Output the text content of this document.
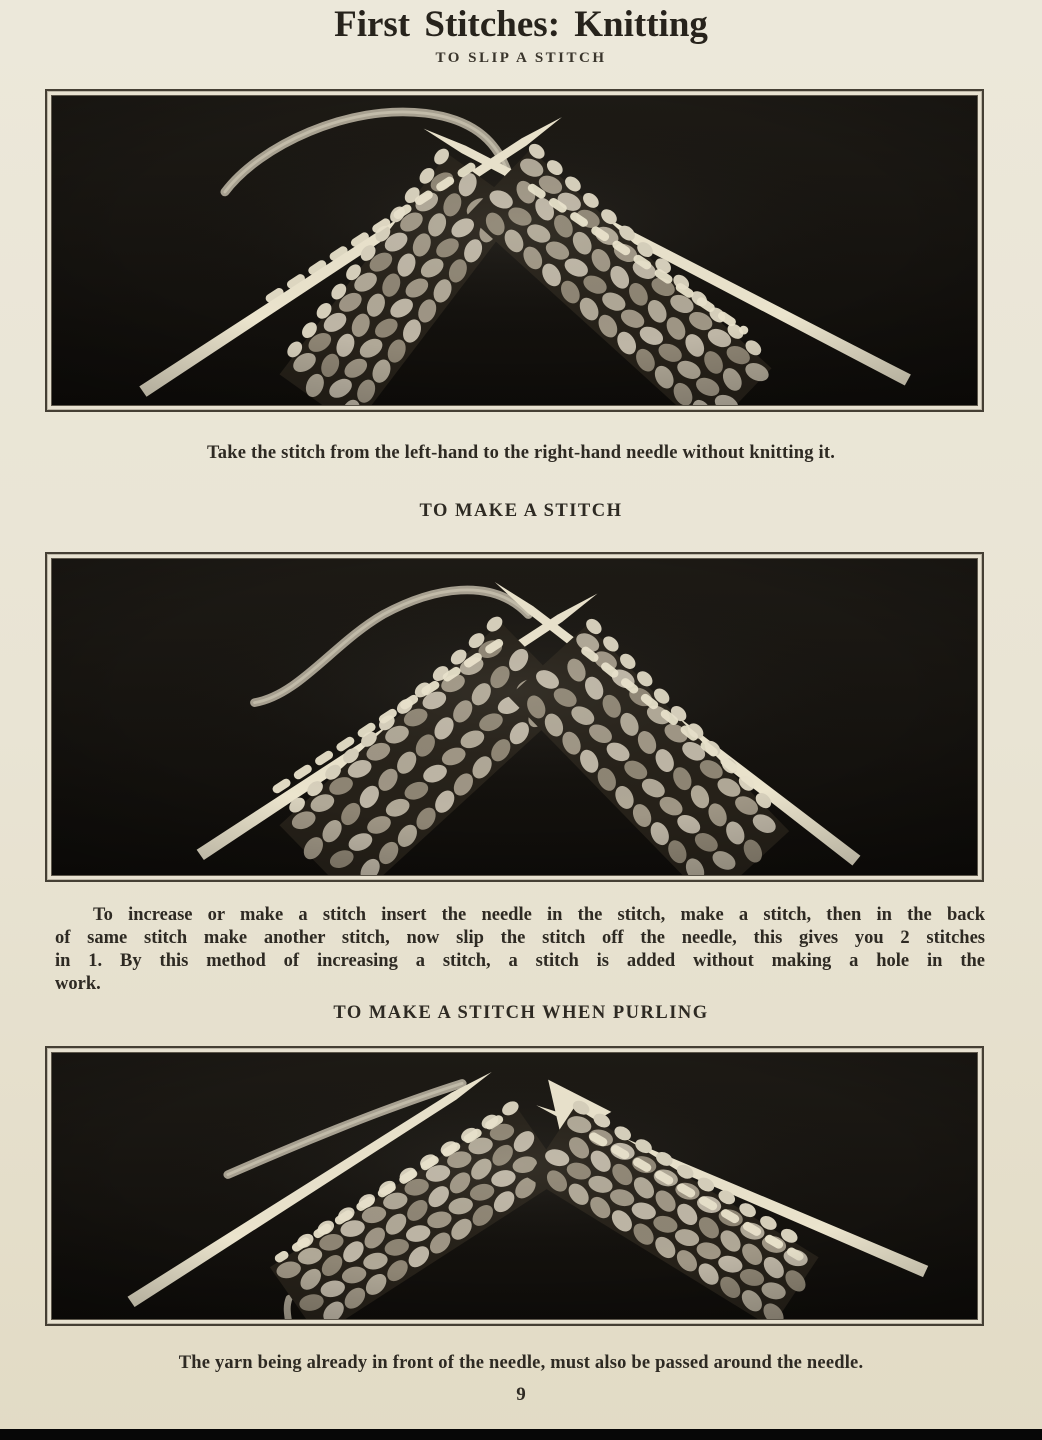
First Stitches: Knitting
TO SLIP A STITCH

Take the stitch from the left-hand to the right-hand needle without knitting it.

TO MAKE A STITCH
To increase or make a stitch insert the needle in the stitch, make a stitch, then in the back
of same stitch make another stitch, now slip the stitch off the needle, this gives you 2 stitches
in 1. By this method of increasing a stitch, a stitch is added without making a hole in the
work.
TO MAKE A STITCH WHEN PURLING

The yarn being already in front of the needle, must also be passed around the needle.

9
